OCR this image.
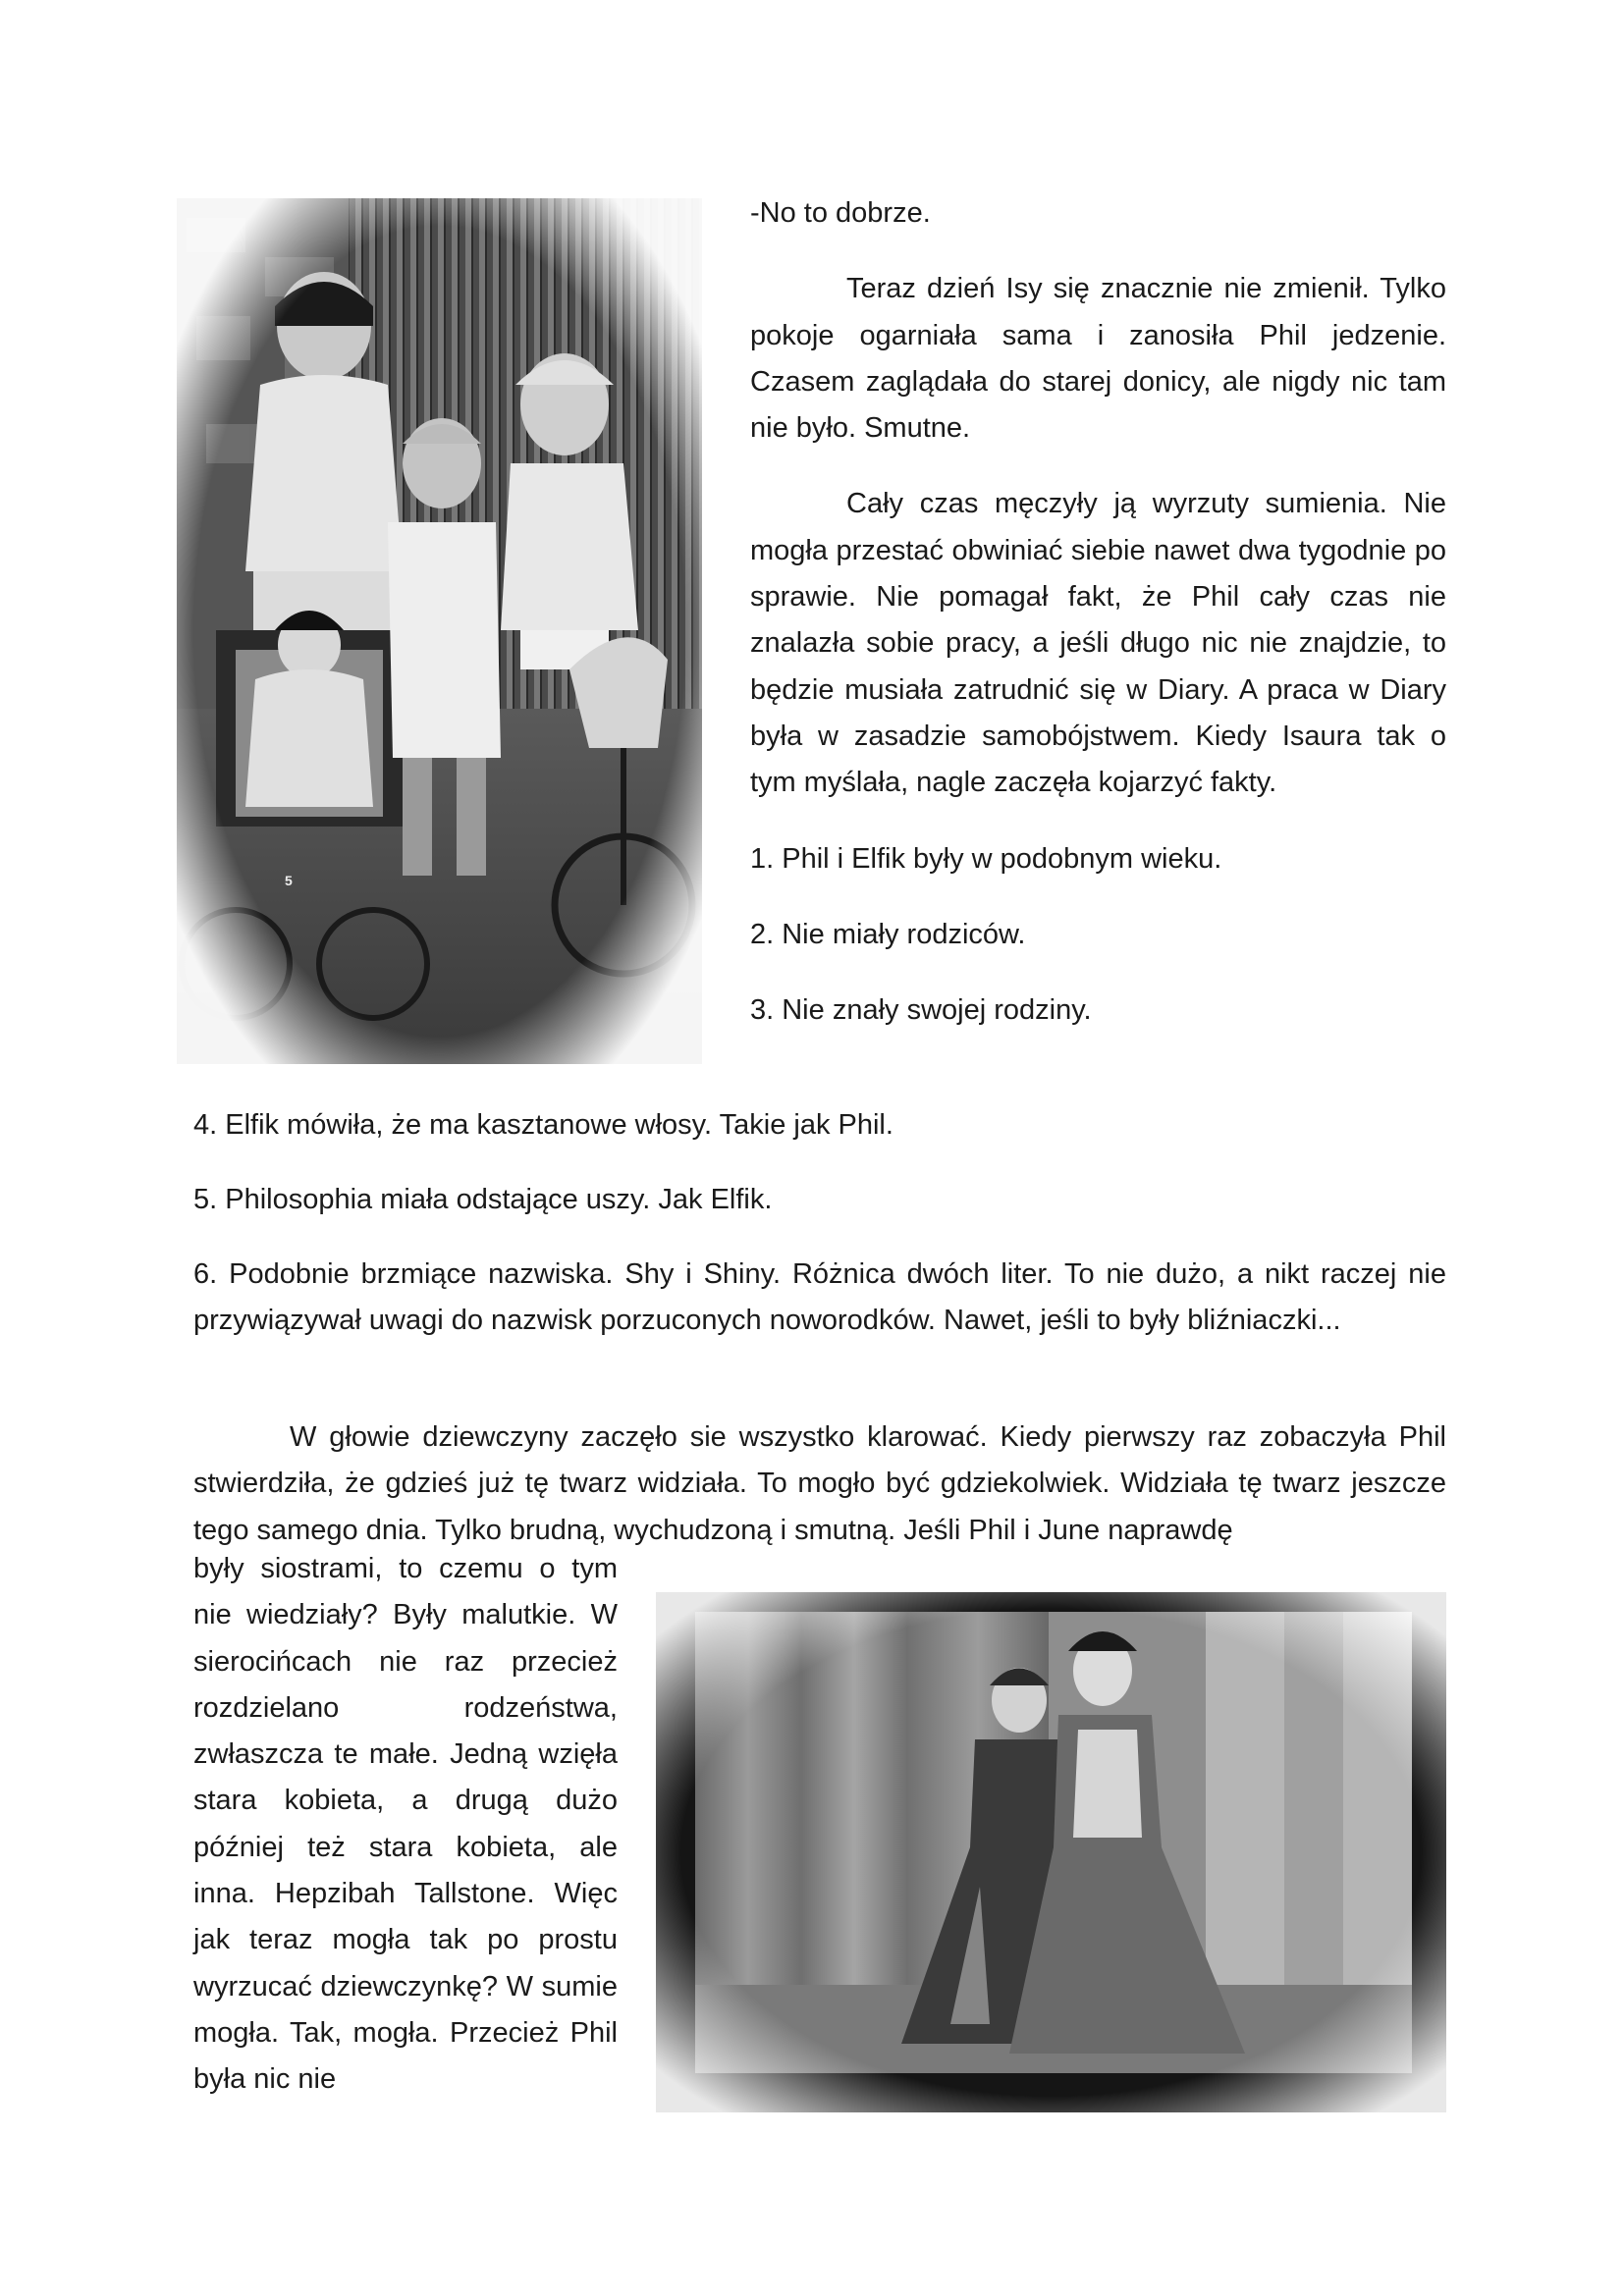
-No to dobrze.

Teraz dzień Isy się znacznie nie zmienił. Tylko pokoje ogarniała sama i zanosiła Phil jedzenie. Czasem zaglądała do starej donicy, ale nigdy nic tam nie było. Smutne.

Cały czas męczyły ją wyrzuty sumienia. Nie mogła przestać obwiniać siebie nawet dwa tygodnie po sprawie. Nie pomagał fakt, że Phil cały czas nie znalazła sobie pracy, a jeśli długo nic nie znajdzie, to będzie musiała zatrudnić się w Diary. A praca w Diary była w zasadzie samobójstwem. Kiedy Isaura tak o tym myślała, nagle zaczęła kojarzyć fakty.

1. Phil i Elfik były w podobnym wieku.

2. Nie miały rodziców.

3. Nie znały swojej rodziny.

4. Elfik mówiła, że ma kasztanowe włosy. Takie jak Phil.

5. Philosophia miała odstające uszy. Jak Elfik.

6. Podobnie brzmiące nazwiska. Shy i Shiny. Różnica dwóch liter. To nie dużo, a nikt raczej nie przywiązywał uwagi do nazwisk porzuconych noworodków. Nawet, jeśli to były bliźniaczki...

W głowie dziewczyny zaczęło sie wszystko klarować. Kiedy pierwszy raz zobaczyła Phil stwierdziła, że gdzieś już tę twarz widziała. To mogło być gdziekolwiek. Widziała tę twarz jeszcze tego samego dnia. Tylko brudną, wychudzoną i smutną. Jeśli Phil i June naprawdę

były siostrami, to czemu o tym nie wiedziały? Były malutkie. W sierocińcach nie raz przecież rozdzielano rodzeństwa, zwłaszcza te małe. Jedną wzięła stara kobieta, a drugą dużo później też stara kobieta, ale inna. Hepzibah Tallstone. Więc jak teraz mogła tak po prostu wyrzucać dziewczynkę? W sumie mogła. Tak, mogła. Przecież Phil była nic nie
